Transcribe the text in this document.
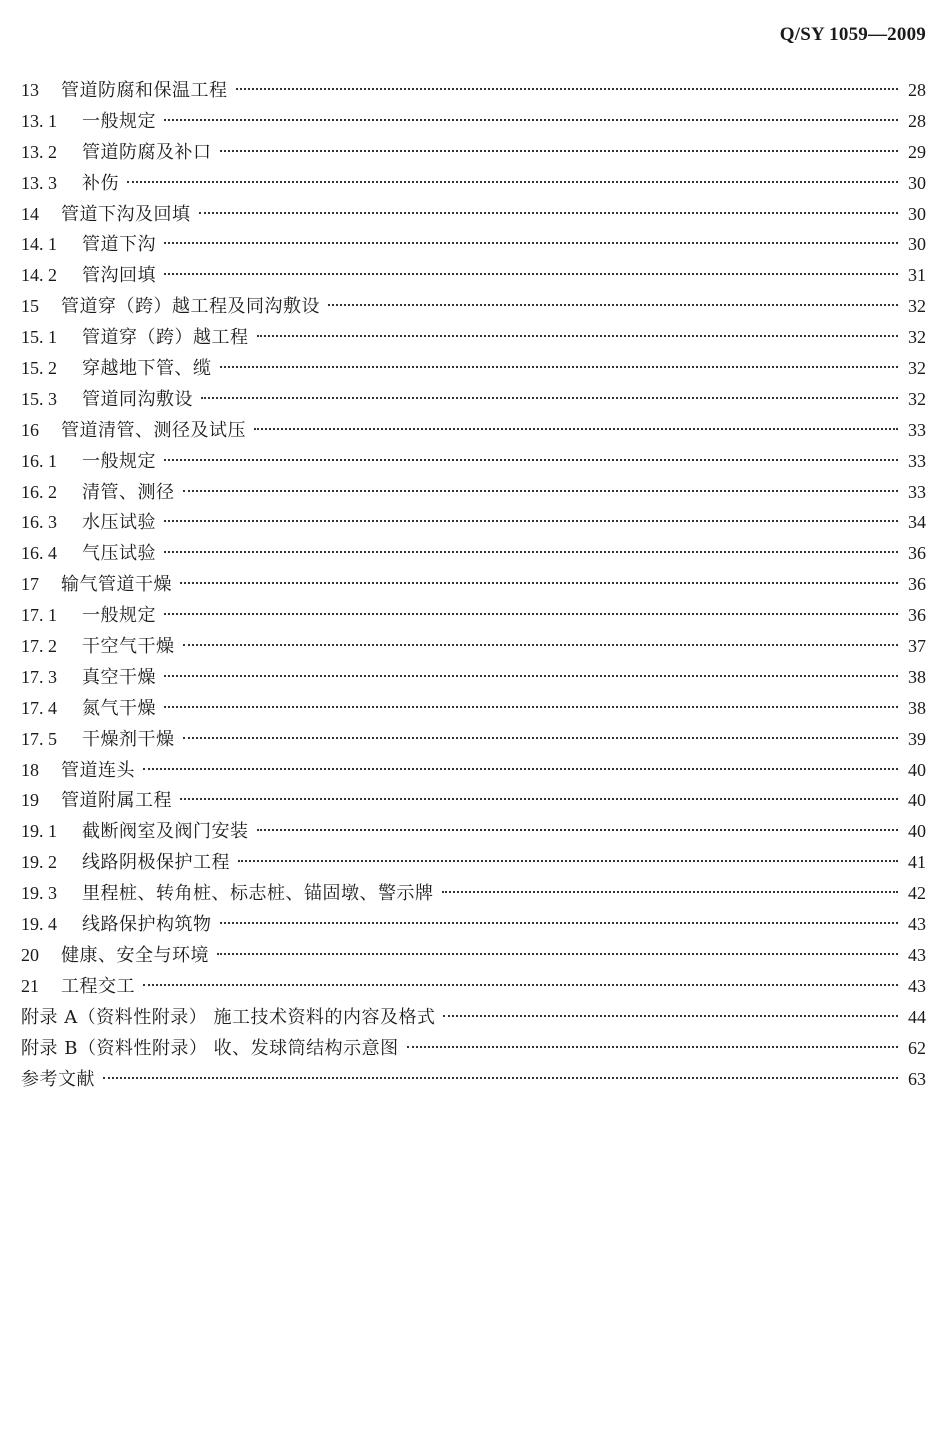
Q/SY 1059—2009
13	管道防腐和保温工程	28
13. 1	一般规定	28
13. 2	管道防腐及补口	29
13. 3	补伤	30
14	管道下沟及回填	30
14. 1	管道下沟	30
14. 2	管沟回填	31
15	管道穿（跨）越工程及同沟敷设	32
15. 1	管道穿（跨）越工程	32
15. 2	穿越地下管、缆	32
15. 3	管道同沟敷设	32
16	管道清管、测径及试压	33
16. 1	一般规定	33
16. 2	清管、测径	33
16. 3	水压试验	34
16. 4	气压试验	36
17	输气管道干燥	36
17. 1	一般规定	36
17. 2	干空气干燥	37
17. 3	真空干燥	38
17. 4	氮气干燥	38
17. 5	干燥剂干燥	39
18	管道连头	40
19	管道附属工程	40
19. 1	截断阀室及阀门安装	40
19. 2	线路阴极保护工程	41
19. 3	里程桩、转角桩、标志桩、锚固墩、警示牌	42
19. 4	线路保护构筑物	43
20	健康、安全与环境	43
21	工程交工	43
附录 A（资料性附录） 施工技术资料的内容及格式	44
附录 B（资料性附录） 收、发球筒结构示意图	62
参考文献	63
